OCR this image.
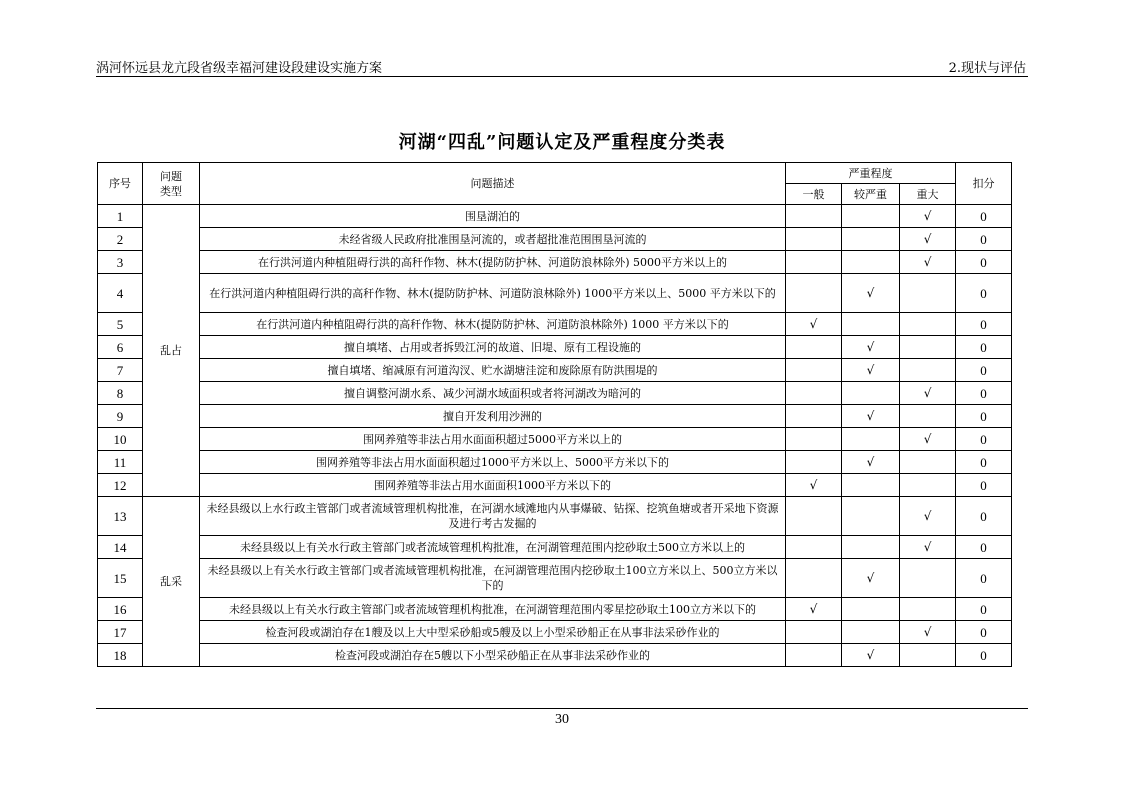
涡河怀远县龙亢段省级幸福河建设段建设实施方案	2.现状与评估
河湖“四乱”问题认定及严重程度分类表
序号	问题
类型	问题描述	严重程度			扣分
			一般	较严重	重大	
1	乱占	围垦湖泊的			√	0
2		未经省级人民政府批准围垦河流的，或者超批准范围围垦河流的			√	0
3		在行洪河道内种植阻碍行洪的高秆作物、林木(提防防护林、河道防浪林除外) 5000平方米以上的			√	0
4		在行洪河道内种植阻碍行洪的高秆作物、林木(提防防护林、河道防浪林除外) 1000平方米以上、5000 平方米以下的		√		0
5		在行洪河道内种植阻碍行洪的高秆作物、林木(提防防护林、河道防浪林除外) 1000 平方米以下的	√			0
6		擅自填堵、占用或者拆毁江河的故道、旧堤、原有工程设施的		√		0
7		擅自填堵、缩减原有河道沟汊、贮水湖塘洼淀和废除原有防洪围堤的		√		0
8		擅自调整河湖水系、减少河湖水域面积或者将河湖改为暗河的			√	0
9		擅自开发利用沙洲的		√		0
10		围网养殖等非法占用水面面积超过5000平方米以上的			√	0
11		围网养殖等非法占用水面面积超过1000平方米以上、5000平方米以下的		√		0
12		围网养殖等非法占用水面面积1000平方米以下的	√			0
13	乱采	未经县级以上水行政主管部门或者流域管理机构批准，在河湖水域滩地内从事爆破、钻探、挖筑鱼塘或者开采地下资源及进行考古发掘的			√	0
14		未经县级以上有关水行政主管部门或者流域管理机构批准，在河湖管理范围内挖砂取土500立方米以上的			√	0
15		未经县级以上有关水行政主管部门或者流域管理机构批准，在河湖管理范围内挖砂取土100立方米以上、500立方米以下的		√		0
16		未经县级以上有关水行政主管部门或者流域管理机构批准，在河湖管理范围内零星挖砂取土100立方米以下的	√			0
17		检查河段或湖泊存在1艘及以上大中型采砂船或5艘及以上小型采砂船正在从事非法采砂作业的			√	0
18		检查河段或湖泊存在5艘以下小型采砂船正在从事非法采砂作业的		√		0
30
